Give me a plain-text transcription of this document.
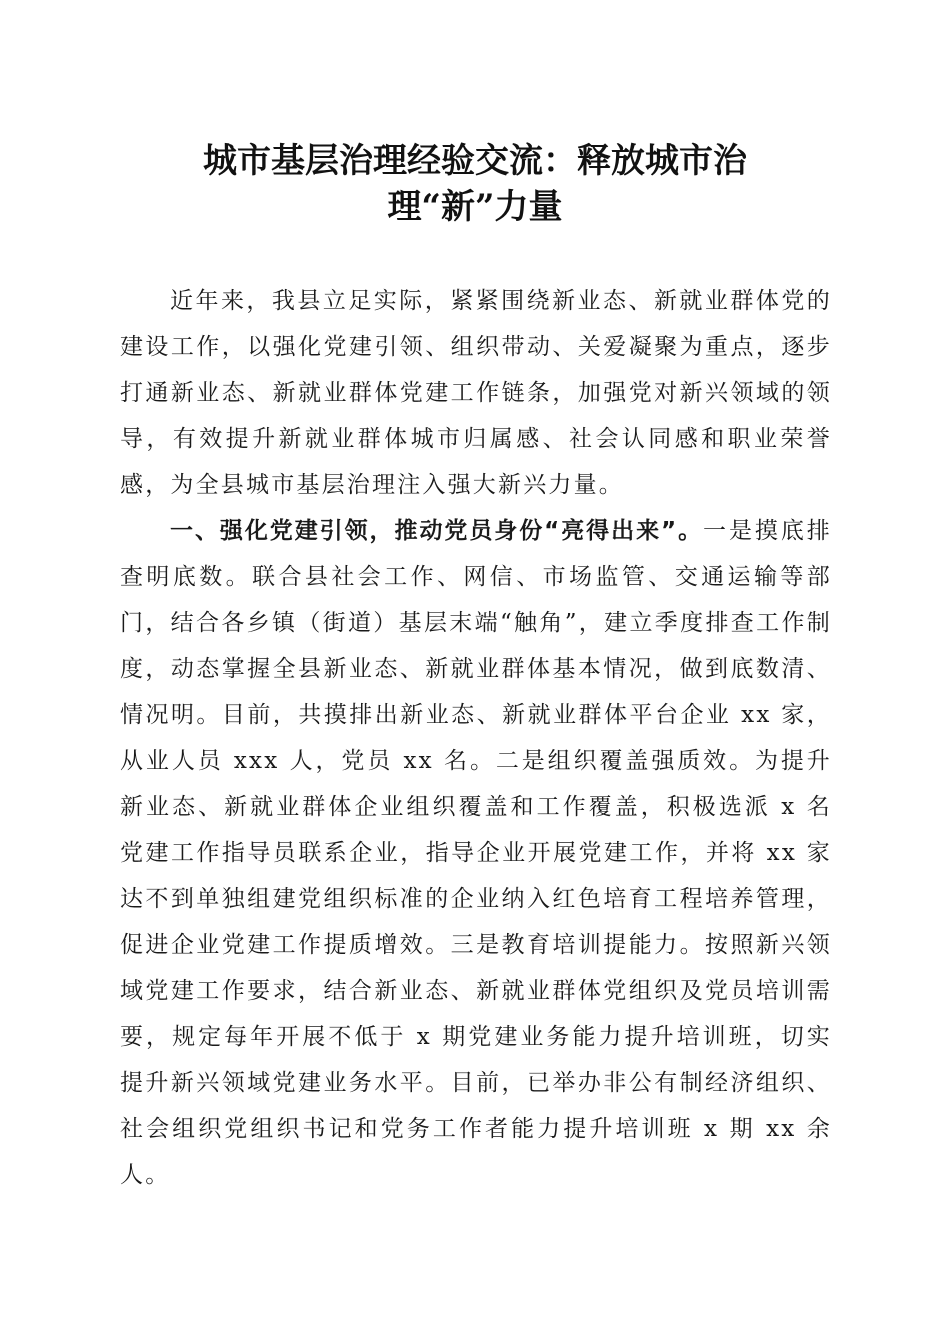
城市基层治理经验交流：释放城市治
理“新”力量

近年来，我县立足实际，紧紧围绕新业态、新就业群体党的建设工作，以强化党建引领、组织带动、关爱凝聚为重点，逐步打通新业态、新就业群体党建工作链条，加强党对新兴领域的领导，有效提升新就业群体城市归属感、社会认同感和职业荣誉感，为全县城市基层治理注入强大新兴力量。

一、强化党建引领，推动党员身份“亮得出来”。一是摸底排查明底数。联合县社会工作、网信、市场监管、交通运输等部门，结合各乡镇（街道）基层末端“触角”，建立季度排查工作制度，动态掌握全县新业态、新就业群体基本情况，做到底数清、情况明。目前，共摸排出新业态、新就业群体平台企业 xx 家，从业人员 xxx 人，党员 xx 名。二是组织覆盖强质效。为提升新业态、新就业群体企业组织覆盖和工作覆盖，积极选派 x 名党建工作指导员联系企业，指导企业开展党建工作，并将 xx 家达不到单独组建党组织标准的企业纳入红色培育工程培养管理，促进企业党建工作提质增效。三是教育培训提能力。按照新兴领域党建工作要求，结合新业态、新就业群体党组织及党员培训需要，规定每年开展不低于 x 期党建业务能力提升培训班，切实提升新兴领域党建业务水平。目前，已举办非公有制经济组织、社会组织党组织书记和党务工作者能力提升培训班 x 期 xx 余人。
